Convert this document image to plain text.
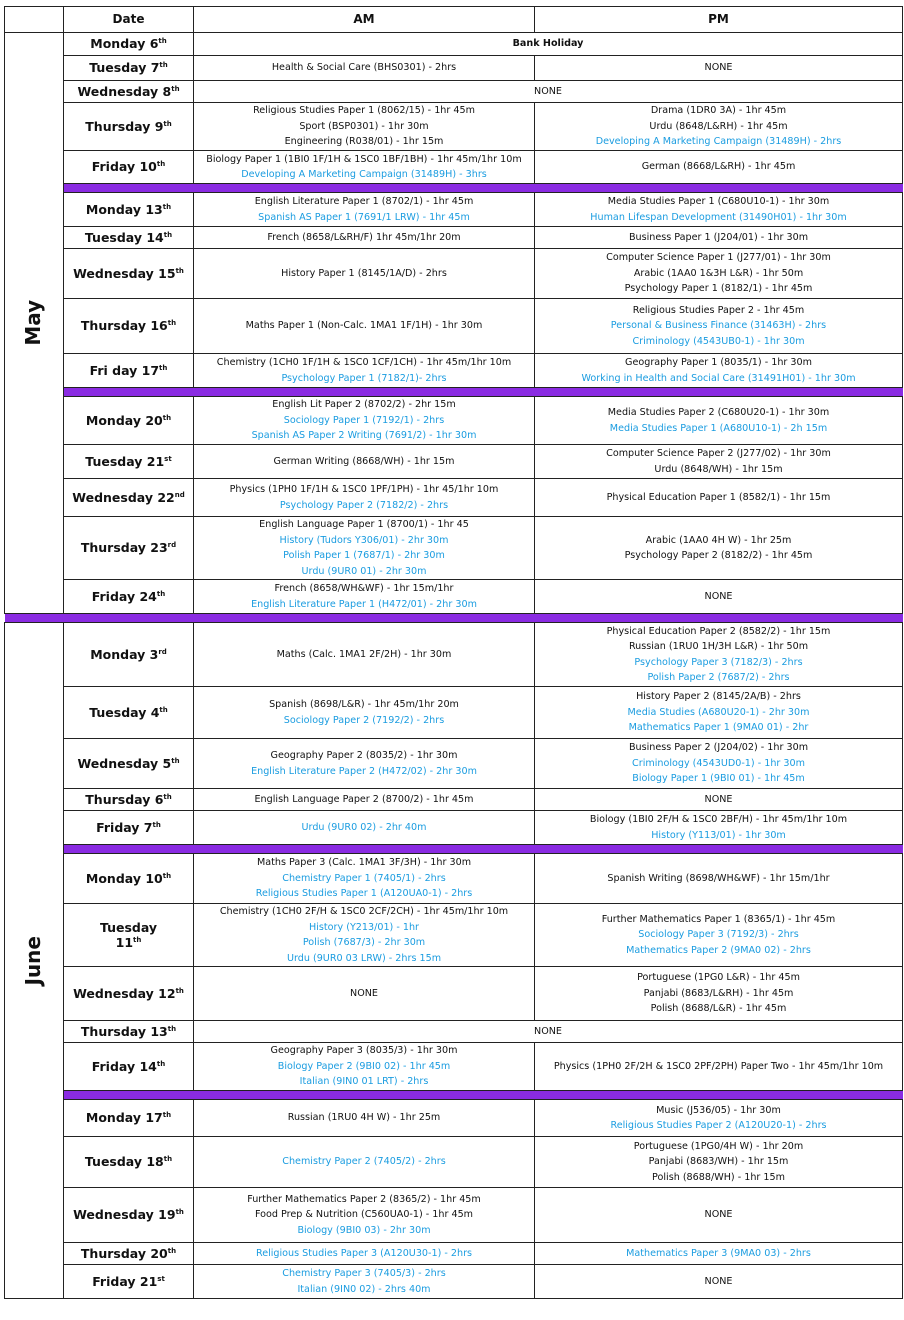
	Date	AM	PM
May	Monday 6th	Bank Holiday	

	Tuesday 7th	Health & Social Care (BHS0301) - 2hrs	NONE

	Wednesday 8th	NONE	

	Thursday 9th	Religious Studies Paper 1 (8062/15) - 1hr 45m
Sport (BSP0301) - 1hr 30m
Engineering (R038/01) - 1hr 15m	Drama (1DR0 3A) - 1hr 45m
Urdu (8648/L&RH) - 1hr 45m
Developing A Marketing Campaign (31489H) - 2hrs

	Friday 10th	Biology Paper 1 (1BI0 1F/1H & 1SC0 1BF/1BH) - 1hr 45m/1hr 10m
Developing A Marketing Campaign (31489H) - 3hrs	German (8668/L&RH) - 1hr 45m

	Monday 13th	English Literature Paper 1 (8702/1) - 1hr 45m
Spanish AS Paper 1 (7691/1 LRW) - 1hr 45m	Media Studies Paper 1 (C680U10-1) - 1hr 30m
Human Lifespan Development (31490H01) - 1hr 30m

	Tuesday 14th	French (8658/L&RH/F) 1hr 45m/1hr 20m	Business Paper 1 (J204/01) - 1hr 30m

	Wednesday 15th	History Paper 1 (8145/1A/D) - 2hrs	Computer Science Paper 1 (J277/01) - 1hr 30m
Arabic (1AA0 1&3H L&R) - 1hr 50m
Psychology Paper 1 (8182/1) - 1hr 45m

	Thursday 16th	Maths Paper 1 (Non-Calc. 1MA1 1F/1H) - 1hr 30m	Religious Studies Paper 2 - 1hr 45m
Personal & Business Finance (31463H) - 2hrs
Criminology (4543UB0-1) - 1hr 30m

	Fri day 17th	Chemistry (1CH0 1F/1H & 1SC0 1CF/1CH) - 1hr 45m/1hr 10m
Psychology Paper 1 (7182/1)- 2hrs	Geography Paper 1 (8035/1) - 1hr 30m
Working in Health and Social Care (31491H01) - 1hr 30m

	Monday 20th	English Lit Paper 2 (8702/2) - 2hr 15m
Sociology Paper 1 (7192/1) - 2hrs
Spanish AS Paper 2 Writing (7691/2) - 1hr 30m	Media Studies Paper 2 (C680U20-1) - 1hr 30m
Media Studies Paper 1 (A680U10-1) - 2h 15m

	Tuesday 21st	German Writing (8668/WH) - 1hr 15m	Computer Science Paper 2 (J277/02) - 1hr 30m
Urdu (8648/WH) - 1hr 15m

	Wednesday 22nd	Physics (1PH0 1F/1H & 1SC0 1PF/1PH) - 1hr 45/1hr 10m
Psychology Paper 2 (7182/2) - 2hrs	Physical Education Paper 1 (8582/1) - 1hr 15m

	Thursday 23rd	English Language Paper 1 (8700/1) - 1hr 45
History (Tudors Y306/01) - 2hr 30m
Polish Paper 1 (7687/1) - 2hr 30m
Urdu (9UR0 01) - 2hr 30m	Arabic (1AA0 4H W) - 1hr 25m
Psychology Paper 2 (8182/2) - 1hr 45m

	Friday 24th	French (8658/WH&WF) - 1hr 15m/1hr
English Literature Paper 1 (H472/01) - 2hr 30m	NONE

June	Monday 3rd	Maths (Calc. 1MA1 2F/2H) - 1hr 30m	Physical Education Paper 2 (8582/2) - 1hr 15m
Russian (1RU0 1H/3H L&R) - 1hr 50m
Psychology Paper 3 (7182/3) - 2hrs
Polish Paper 2 (7687/2) - 2hrs

	Tuesday 4th	Spanish (8698/L&R) - 1hr 45m/1hr 20m
Sociology Paper 2 (7192/2) - 2hrs	History Paper 2 (8145/2A/B) - 2hrs
Media Studies (A680U20-1) - 2hr 30m
Mathematics Paper 1 (9MA0 01) - 2hr

	Wednesday 5th	Geography Paper 2 (8035/2) - 1hr 30m
English Literature Paper 2 (H472/02) - 2hr 30m	Business Paper 2 (J204/02) - 1hr 30m
Criminology (4543UD0-1) - 1hr 30m
Biology Paper 1 (9BI0 01) - 1hr 45m

	Thursday 6th	English Language Paper 2 (8700/2) - 1hr 45m	NONE

	Friday 7th	Urdu (9UR0 02) - 2hr 40m	Biology (1BI0 2F/H & 1SC0 2BF/H) - 1hr 45m/1hr 10m
History (Y113/01) - 1hr 30m

	Monday 10th	Maths Paper 3 (Calc. 1MA1 3F/3H) - 1hr 30m
Chemistry Paper 1 (7405/1) - 2hrs
Religious Studies Paper 1 (A120UA0-1) - 2hrs	Spanish Writing (8698/WH&WF) - 1hr 15m/1hr

	Tuesday
11th	Chemistry (1CH0 2F/H & 1SC0 2CF/2CH) - 1hr 45m/1hr 10m
History (Y213/01) - 1hr
Polish (7687/3) - 2hr 30m
Urdu (9UR0 03 LRW) - 2hrs 15m	Further Mathematics Paper 1 (8365/1) - 1hr 45m
Sociology Paper 3 (7192/3) - 2hrs
Mathematics Paper 2 (9MA0 02) - 2hrs

	Wednesday 12th	NONE	Portuguese (1PG0 L&R) - 1hr 45m
Panjabi (8683/L&RH) - 1hr 45m
Polish (8688/L&R) - 1hr 45m

	Thursday 13th	NONE	

	Friday 14th	Geography Paper 3 (8035/3) - 1hr 30m
Biology Paper 2 (9BI0 02) - 1hr 45m
Italian (9IN0 01 LRT) - 2hrs	Physics (1PH0 2F/2H & 1SC0 2PF/2PH) Paper Two - 1hr 45m/1hr 10m

	Monday 17th	Russian (1RU0 4H W) - 1hr 25m	Music (J536/05) - 1hr 30m
Religious Studies Paper 2 (A120U20-1) - 2hrs

	Tuesday 18th	Chemistry Paper 2 (7405/2) - 2hrs	Portuguese (1PG0/4H W) - 1hr 20m
Panjabi (8683/WH) - 1hr 15m
Polish (8688/WH) - 1hr 15m

	Wednesday 19th	Further Mathematics Paper 2 (8365/2) - 1hr 45m
Food Prep & Nutrition (C560UA0-1) - 1hr 45m
Biology (9BI0 03) - 2hr 30m	NONE

	Thursday 20th	Religious Studies Paper 3 (A120U30-1) - 2hrs	Mathematics Paper 3 (9MA0 03) - 2hrs

	Friday 21st	Chemistry Paper 3 (7405/3) - 2hrs
Italian (9IN0 02) - 2hrs 40m	NONE
